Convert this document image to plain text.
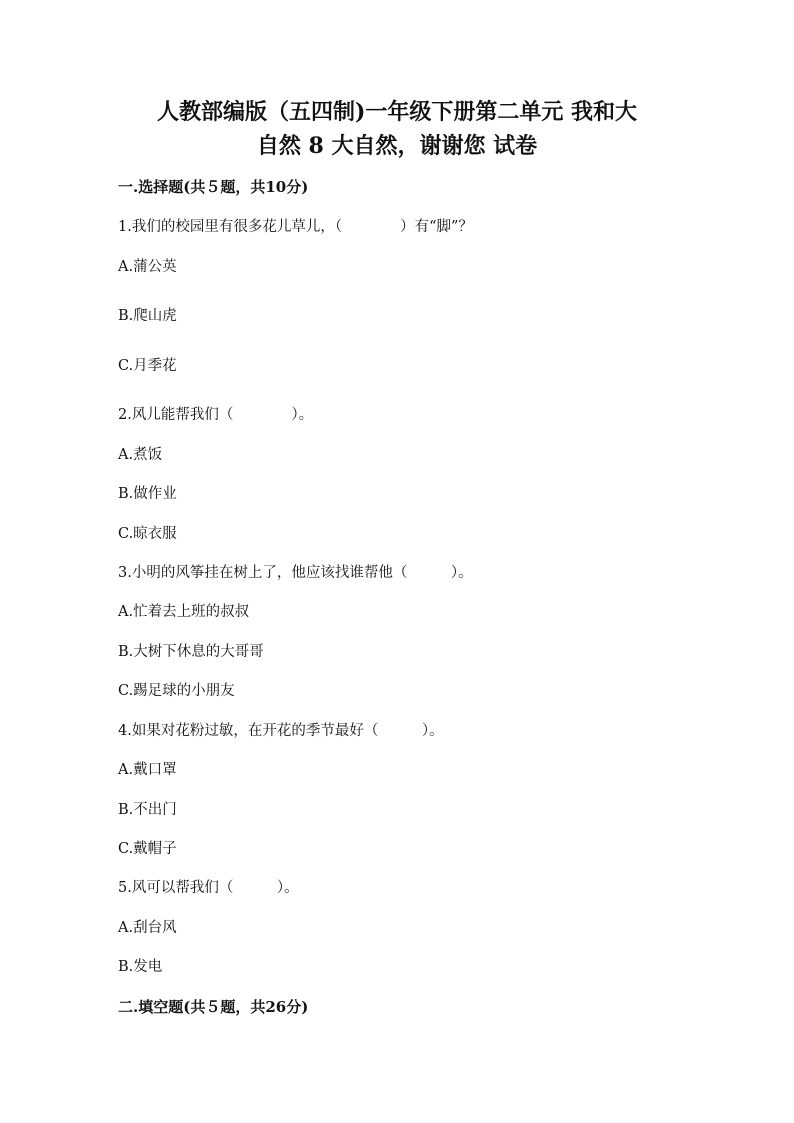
人教部编版（五四制)一年级下册第二单元 我和大
自然 8 大自然，谢谢您 试卷
一.选择题(共５题，共10分)
1.我们的校园里有很多花儿草儿，（　　　　）有“脚”？
A.蒲公英
B.爬山虎
C.月季花
2.风儿能帮我们（　　　　）。
A.煮饭
B.做作业
C.晾衣服
3.小明的风筝挂在树上了，他应该找谁帮他（　　　）。
A.忙着去上班的叔叔
B.大树下休息的大哥哥
C.踢足球的小朋友
4.如果对花粉过敏，在开花的季节最好（　　　）。
A.戴口罩
B.不出门
C.戴帽子
5.风可以帮我们（　　　）。
A.刮台风
B.发电
二.填空题(共５题，共26分)
